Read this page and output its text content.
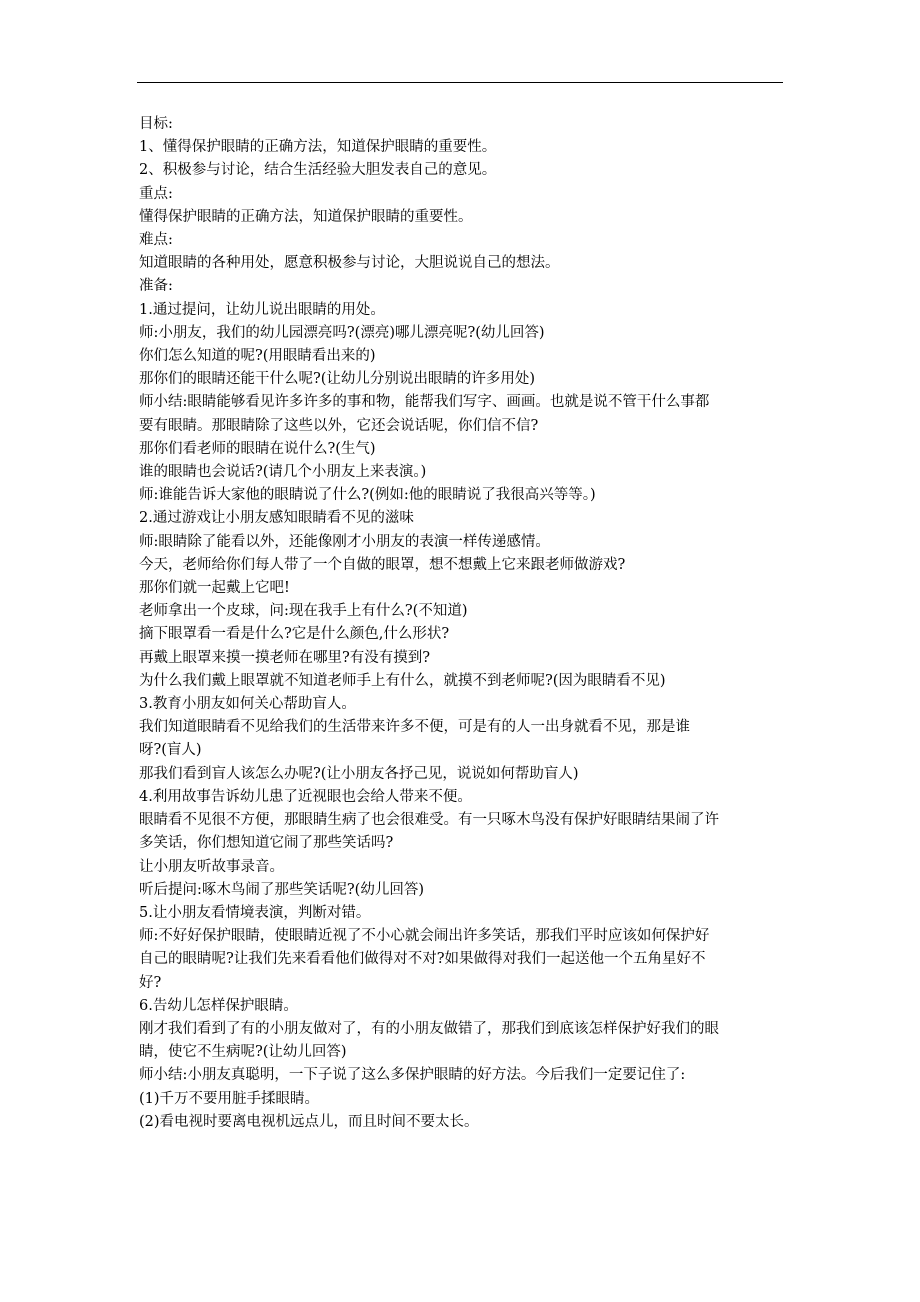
目标:

1、懂得保护眼睛的正确方法，知道保护眼睛的重要性。

2、积极参与讨论，结合生活经验大胆发表自己的意见。

重点:

懂得保护眼睛的正确方法，知道保护眼睛的重要性。

难点:

知道眼睛的各种用处，愿意积极参与讨论，大胆说说自己的想法。

准备:

1.通过提问，让幼儿说出眼睛的用处。

师:小朋友，我们的幼儿园漂亮吗?(漂亮)哪儿漂亮呢?(幼儿回答)

你们怎么知道的呢?(用眼睛看出来的)

那你们的眼睛还能干什么呢?(让幼儿分别说出眼睛的许多用处)

师小结:眼睛能够看见许多许多的事和物，能帮我们写字、画画。也就是说不管干什么事都

要有眼睛。那眼睛除了这些以外，它还会说话呢，你们信不信?

那你们看老师的眼睛在说什么?(生气)

谁的眼睛也会说话?(请几个小朋友上来表演。)

师:谁能告诉大家他的眼睛说了什么?(例如:他的眼睛说了我很高兴等等。)

2.通过游戏让小朋友感知眼睛看不见的滋味

师:眼睛除了能看以外，还能像刚才小朋友的表演一样传递感情。

今天，老师给你们每人带了一个自做的眼罩，想不想戴上它来跟老师做游戏?

那你们就一起戴上它吧!

老师拿出一个皮球，问:现在我手上有什么?(不知道)

摘下眼罩看一看是什么?它是什么颜色,什么形状?

再戴上眼罩来摸一摸老师在哪里?有没有摸到?

为什么我们戴上眼罩就不知道老师手上有什么，就摸不到老师呢?(因为眼睛看不见)

3.教育小朋友如何关心帮助盲人。

我们知道眼睛看不见给我们的生活带来许多不便，可是有的人一出身就看不见，那是谁

呀?(盲人)

那我们看到盲人该怎么办呢?(让小朋友各抒己见，说说如何帮助盲人)

4.利用故事告诉幼儿患了近视眼也会给人带来不便。

眼睛看不见很不方便，那眼睛生病了也会很难受。有一只啄木鸟没有保护好眼睛结果闹了许

多笑话，你们想知道它闹了那些笑话吗?

让小朋友听故事录音。

听后提问:啄木鸟闹了那些笑话呢?(幼儿回答)

5.让小朋友看情境表演，判断对错。

师:不好好保护眼睛，使眼睛近视了不小心就会闹出许多笑话，那我们平时应该如何保护好

自己的眼睛呢?让我们先来看看他们做得对不对?如果做得对我们一起送他一个五角星好不

好?

6.告幼儿怎样保护眼睛。

刚才我们看到了有的小朋友做对了，有的小朋友做错了，那我们到底该怎样保护好我们的眼

睛，使它不生病呢?(让幼儿回答)

师小结:小朋友真聪明，一下子说了这么多保护眼睛的好方法。今后我们一定要记住了:

(1)千万不要用脏手揉眼睛。

(2)看电视时要离电视机远点儿，而且时间不要太长。
